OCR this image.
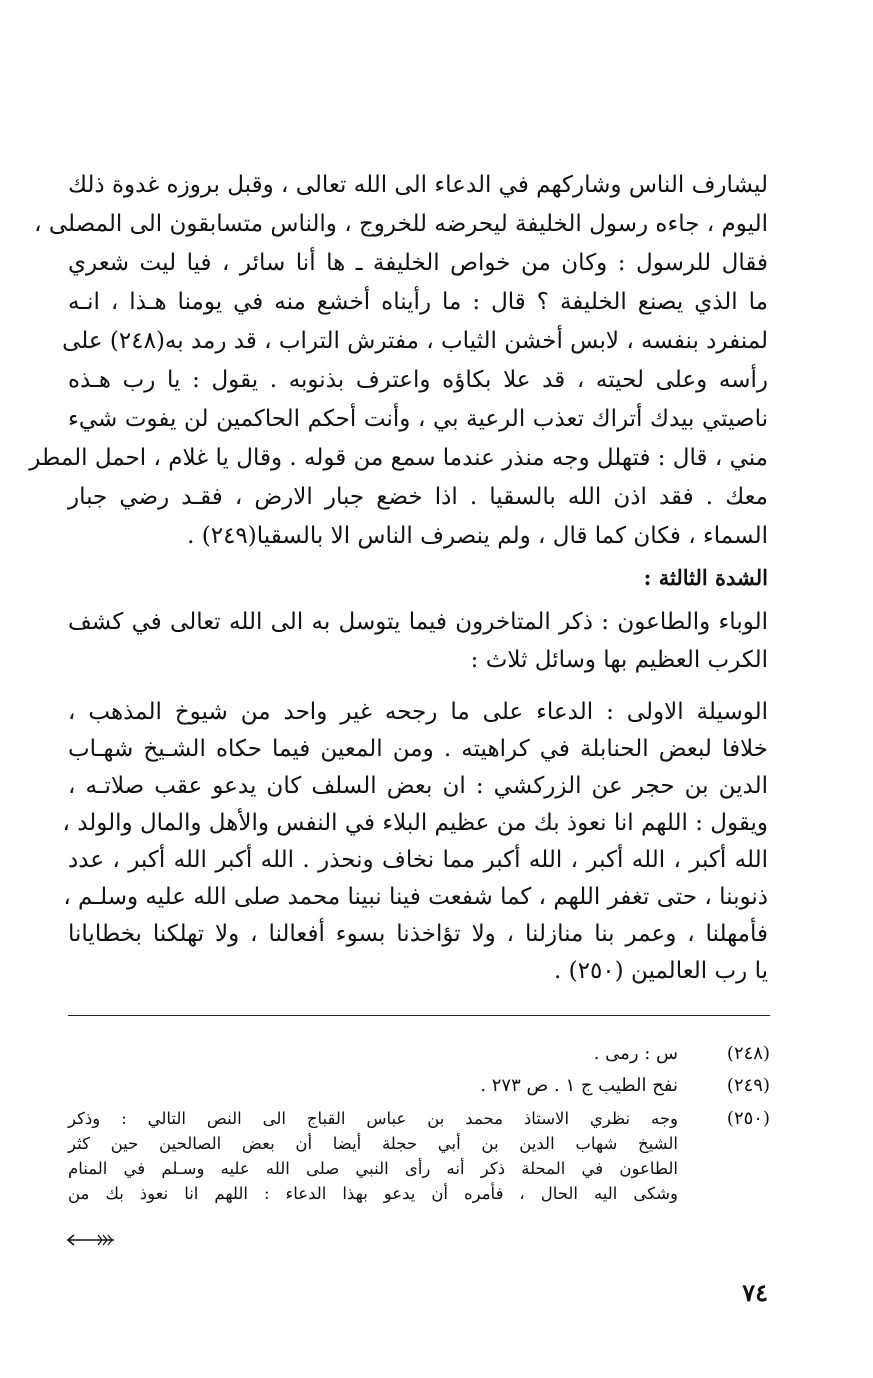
ليشارف الناس وشاركهم في الدعاء الى الله تعالى ، وقبل بروزه غدوة ذلك
اليوم ، جاءه رسول الخليفة ليحرضه للخروج ، والناس متسابقون الى المصلى ،
فقال للرسول : وكان من خواص الخليفة ـ ها أنا سائر ، فيا ليت شعري
ما الذي يصنع الخليفة ؟ قال : ما رأيناه أخشع منه في يومنا هـذا ، انـه
لمنفرد بنفسه ، لابس أخشن الثياب ، مفترش التراب ، قد رمد به(٢٤٨) على
رأسه وعلى لحيته ، قد علا بكاؤه واعترف بذنوبه . يقول : يا رب هـذه
ناصيتي بيدك أتراك تعذب الرعية بي ، وأنت أحكم الحاكمين لن يفوت شيء
مني ، قال : فتهلل وجه منذر عندما سمع من قوله . وقال يا غلام ، احمل المطر
معك . فقد اذن الله بالسقيا . اذا خضع جبار الارض ، فقـد رضي جبار
السماء ، فكان كما قال ، ولم ينصرف الناس الا بالسقيا(٢٤٩) .
الشدة الثالثة :
الوباء والطاعون : ذكر المتاخرون فيما يتوسل به الى الله تعالى في كشف
الكرب العظيم بها وسائل ثلاث :
الوسيلة الاولى : الدعاء على ما رجحه غير واحد من شيوخ المذهب ،
خلافا لبعض الحنابلة في كراهيته . ومن المعين فيما حكاه الشـيخ شهـاب
الدين بن حجر عن الزركشي : ان بعض السلف كان يدعو عقب صلاتـه ،
ويقول : اللهم انا نعوذ بك من عظيم البلاء في النفس والأهل والمال والولد ،
الله أكبر ، الله أكبر ، الله أكبر مما نخاف ونحذر . الله أكبر الله أكبر ، عدد
ذنوبنا ، حتى تغفر اللهم ، كما شفعت فينا نبينا محمد صلى الله عليه وسلـم ،
فأمهلنا ، وعمر بنا منازلنا ، ولا تؤاخذنا بسوء أفعالنا ، ولا تهلكنا بخطايانا
يا رب العالمين (٢٥٠) .
(٢٤٨)
س : رمى .
(٢٤٩)
نفح الطيب ج ١ . ص ٢٧٣ .
(٢٥٠)
وجه نظري الاستاذ محمد بن عباس القباج الى النص التالي : وذكر
الشيخ شهاب الدين بن أبي حجلة أيضا أن بعض الصالحين حين كثر
الطاعون في المحلة ذكر أنه رأى النبي صلى الله عليه وسـلم في المنام
وشكى اليه الحال ، فأمره أن يدعو بهذا الدعاء : اللهم انا نعوذ بك من
٧٤
